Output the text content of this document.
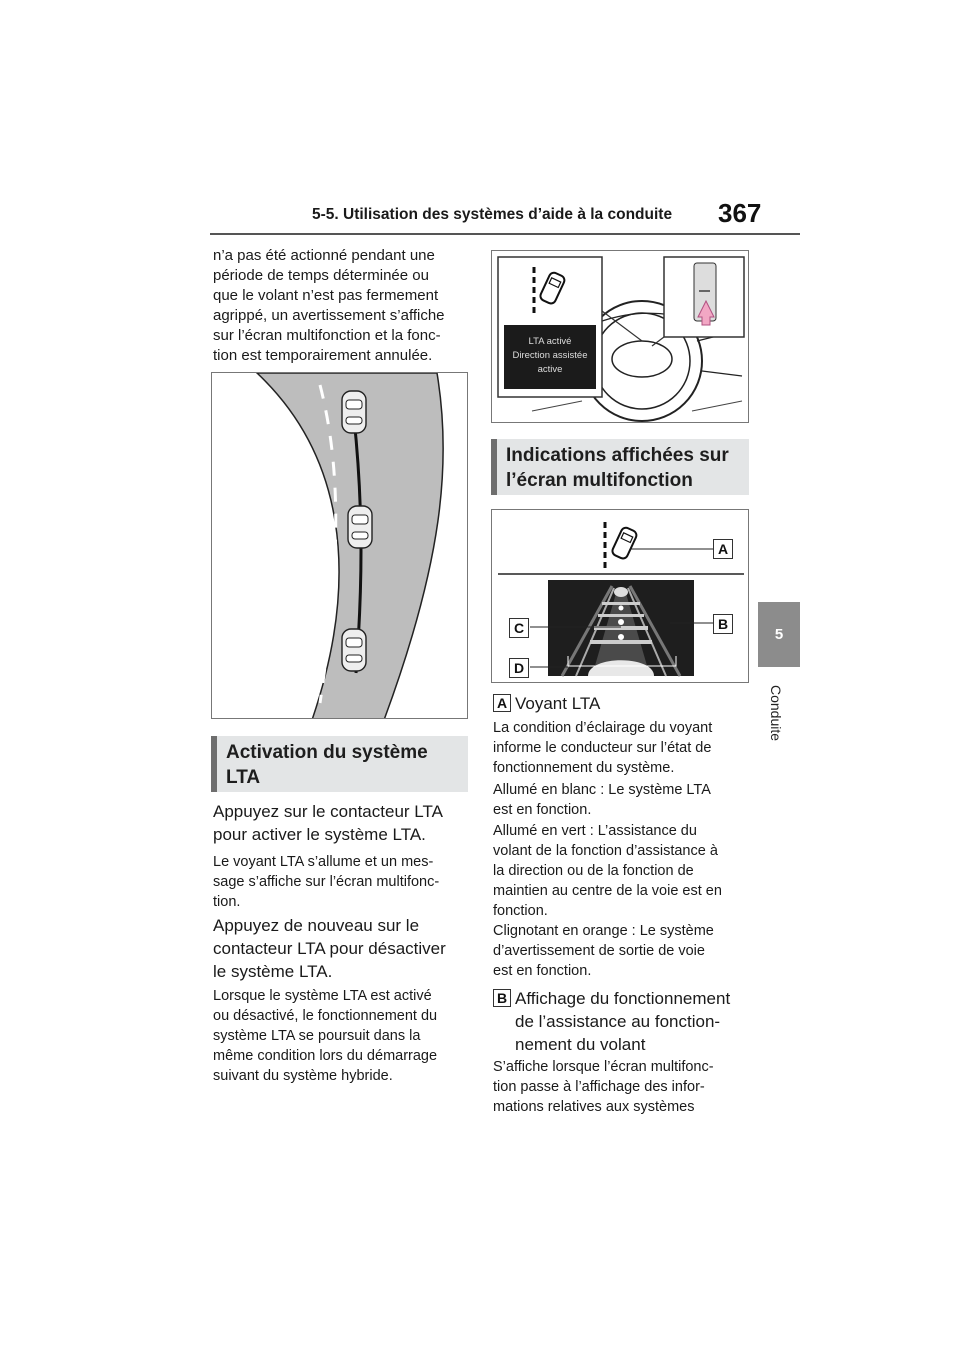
5-5. Utilisation des systèmes d’aide à la conduite 367
5
Conduite
n’a pas été actionné pendant une
période de temps déterminée ou
que le volant n’est pas fermement
agrippé, un avertissement s’affiche
sur l’écran multifonction et la fonc-
tion est temporairement annulée.
Activation du système
LTA
Appuyez sur le contacteur LTA
pour activer le système LTA.
Le voyant LTA s’allume et un mes-
sage s’affiche sur l’écran multifonc-
tion.
Appuyez de nouveau sur le
contacteur LTA pour désactiver
le système LTA.
Lorsque le système LTA est activé
ou désactivé, le fonctionnement du
système LTA se poursuit dans la
même condition lors du démarrage
suivant du système hybride.
LTA activé
Direction assistée
active
Indications affichées sur
l’écran multifonction
A
B
C
D
A Voyant LTA
La condition d’éclairage du voyant
informe le conducteur sur l’état de
fonctionnement du système.
Allumé en blanc : Le système LTA
est en fonction.
Allumé en vert : L’assistance du
volant de la fonction d’assistance à
la direction ou de la fonction de
maintien au centre de la voie est en
fonction.
Clignotant en orange : Le système
d’avertissement de sortie de voie
est en fonction.
B Affichage du fonctionnement
de l’assistance au fonction-
nement du volant
S’affiche lorsque l’écran multifonc-
tion passe à l’affichage des infor-
mations relatives aux systèmes
